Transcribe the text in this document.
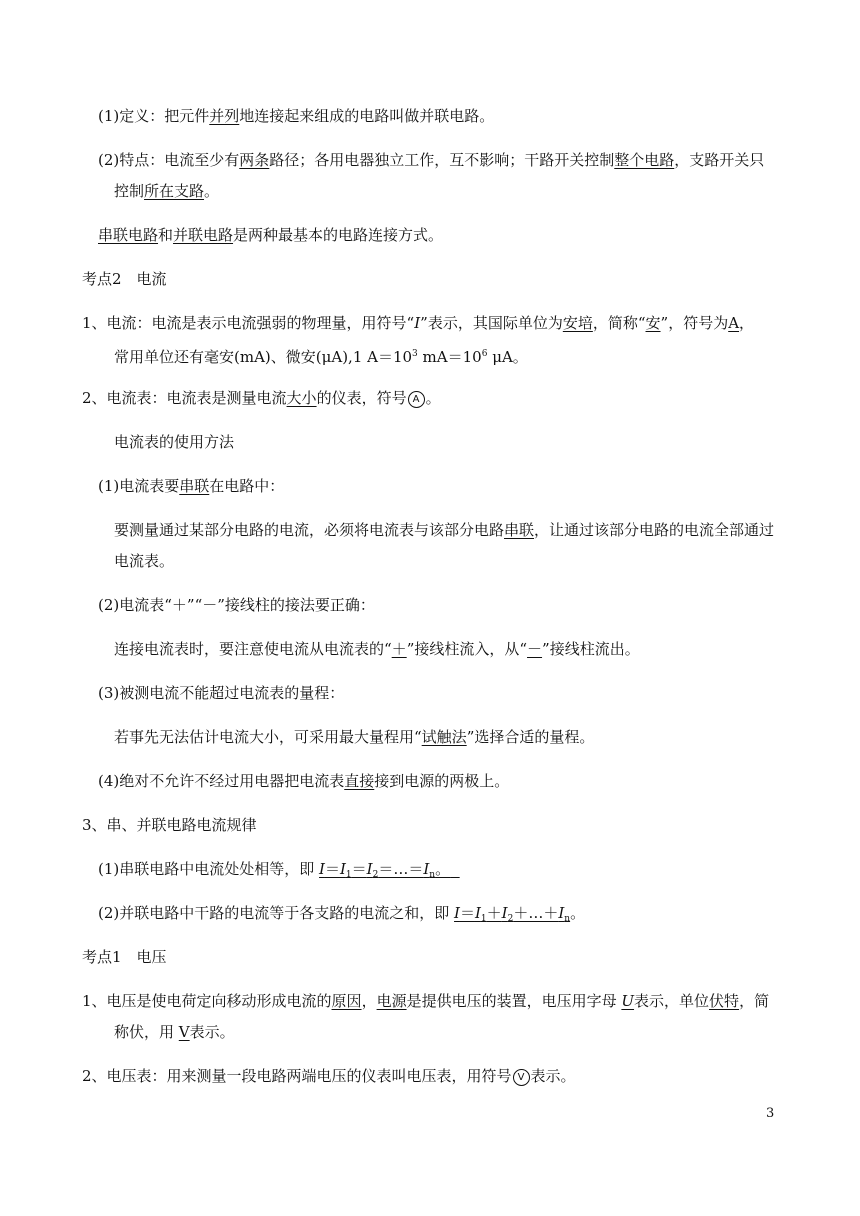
(1)定义：把元件并列地连接起来组成的电路叫做并联电路。
(2)特点：电流至少有两条路径；各用电器独立工作，互不影响；干路开关控制整个电路，支路开关只
控制所在支路。
串联电路和并联电路是两种最基本的电路连接方式。
考点2　电流
1、电流：电流是表示电流强弱的物理量，用符号“I”表示，其国际单位为安培，简称“安”，符号为A，
常用单位还有毫安(mA)、微安(μA),1 $A=10^3$ $mA=10^6$ μA。
2、电流表：电流表是测量电流大小的仪表，符号 A 。
电流表的使用方法
(1)电流表要串联在电路中：
要测量通过某部分电路的电流，必须将电流表与该部分电路串联，让通过该部分电路的电流全部通过
电流表。
(2)电流表“＋”“－”接线柱的接法要正确：
连接电流表时，要注意使电流从电流表的“＋”接线柱流入，从“－”接线柱流出。
(3)被测电流不能超过电流表的量程：
若事先无法估计电流大小，可采用最大量程用“试触法”选择合适的量程。
(4)绝对不允许不经过用电器把电流表直接接到电源的两极上。
3、串、并联电路电流规律
(1)串联电路中电流处处相等，即 $I=I_1=I_2=\dots=I_n$。
(2)并联电路中干路的电流等于各支路的电流之和，即 $I=I_1+I_2+\dots+I_n$。
考点1　电压
1、电压是使电荷定向移动形成电流的原因，电源是提供电压的装置，电压用字母 U表示，单位伏特，简
称伏，用 V表示。
2、电压表：用来测量一段电路两端电压的仪表叫电压表，用符号 V 表示。
3
